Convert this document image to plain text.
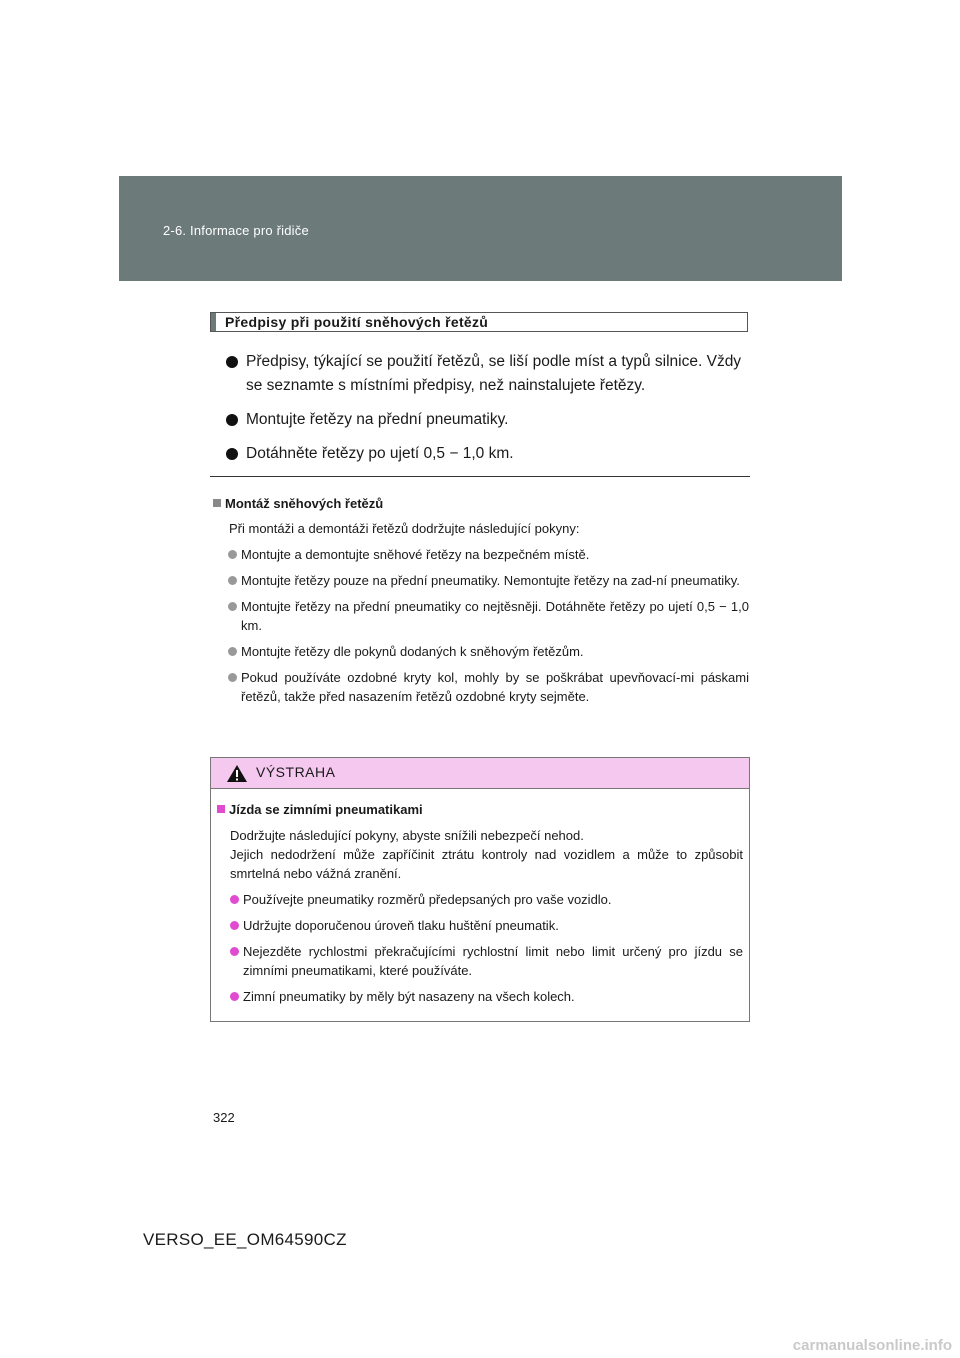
2-6. Informace pro řidiče
Předpisy při použití sněhových řetězů
Předpisy, týkající se použití řetězů, se liší podle míst a typů silnice. Vždy se seznamte s místními předpisy, než nainstalujete řetězy.
Montujte řetězy na přední pneumatiky.
Dotáhněte řetězy po ujetí 0,5 − 1,0 km.
Montáž sněhových řetězů
Při montáži a demontáži řetězů dodržujte následující pokyny:
Montujte a demontujte sněhové řetězy na bezpečném místě.
Montujte řetězy pouze na přední pneumatiky. Nemontujte řetězy na zad-ní pneumatiky.
Montujte řetězy na přední pneumatiky co nejtěsněji. Dotáhněte řetězy po ujetí 0,5 − 1,0 km.
Montujte řetězy dle pokynů dodaných k sněhovým řetězům.
Pokud používáte ozdobné kryty kol, mohly by se poškrábat upevňovací-mi páskami řetězů, takže před nasazením řetězů ozdobné kryty sejměte.
VÝSTRAHA
Jízda se zimními pneumatikami
Dodržujte následující pokyny, abyste snížili nebezpečí nehod.
Jejich nedodržení může zapříčinit ztrátu kontroly nad vozidlem a může to způsobit smrtelná nebo vážná zranění.
Používejte pneumatiky rozměrů předepsaných pro vaše vozidlo.
Udržujte doporučenou úroveň tlaku huštění pneumatik.
Nejezděte rychlostmi překračujícími rychlostní limit nebo limit určený pro jízdu se zimními pneumatikami, které používáte.
Zimní pneumatiky by měly být nasazeny na všech kolech.
322
VERSO_EE_OM64590CZ
carmanualsonline.info
